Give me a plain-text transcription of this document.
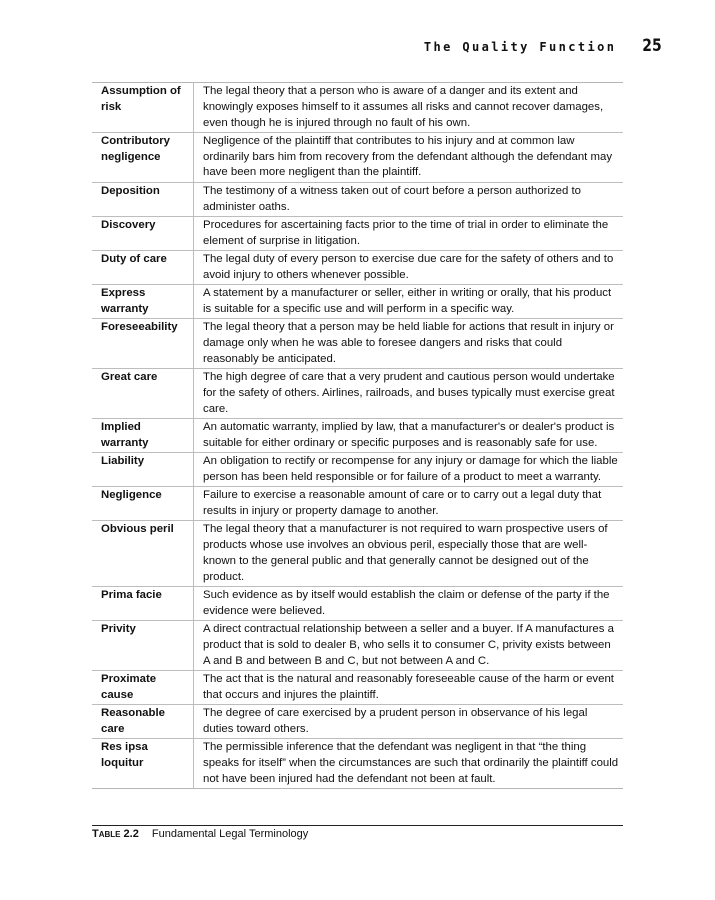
The Quality Function 25
Assumption of risk	The legal theory that a person who is aware of a danger and its extent and knowingly exposes himself to it assumes all risks and cannot recover damages, even though he is injured through no fault of his own.
Contributory negligence	Negligence of the plaintiff that contributes to his injury and at common law ordinarily bars him from recovery from the defendant although the defendant may have been more negligent than the plaintiff.
Deposition	The testimony of a witness taken out of court before a person authorized to administer oaths.
Discovery	Procedures for ascertaining facts prior to the time of trial in order to eliminate the element of surprise in litigation.
Duty of care	The legal duty of every person to exercise due care for the safety of others and to avoid injury to others whenever possible.
Express warranty	A statement by a manufacturer or seller, either in writing or orally, that his product is suitable for a specific use and will perform in a specific way.
Foreseeability	The legal theory that a person may be held liable for actions that result in injury or damage only when he was able to foresee dangers and risks that could reasonably be anticipated.
Great care	The high degree of care that a very prudent and cautious person would undertake for the safety of others. Airlines, railroads, and buses typically must exercise great care.
Implied warranty	An automatic warranty, implied by law, that a manufacturer's or dealer's product is suitable for either ordinary or specific purposes and is reasonably safe for use.
Liability	An obligation to rectify or recompense for any injury or damage for which the liable person has been held responsible or for failure of a product to meet a warranty.
Negligence	Failure to exercise a reasonable amount of care or to carry out a legal duty that results in injury or property damage to another.
Obvious peril	The legal theory that a manufacturer is not required to warn prospective users of products whose use involves an obvious peril, especially those that are well-known to the general public and that generally cannot be designed out of the product.
Prima facie	Such evidence as by itself would establish the claim or defense of the party if the evidence were believed.
Privity	A direct contractual relationship between a seller and a buyer. If A manufactures a product that is sold to dealer B, who sells it to consumer C, privity exists between A and B and between B and C, but not between A and C.
Proximate cause	The act that is the natural and reasonably foreseeable cause of the harm or event that occurs and injures the plaintiff.
Reasonable care	The degree of care exercised by a prudent person in observance of his legal duties toward others.
Res ipsa loquitur	The permissible inference that the defendant was negligent in that “the thing speaks for itself” when the circumstances are such that ordinarily the plaintiff could not have been injured had the defendant not been at fault.
Table 2.2 Fundamental Legal Terminology
